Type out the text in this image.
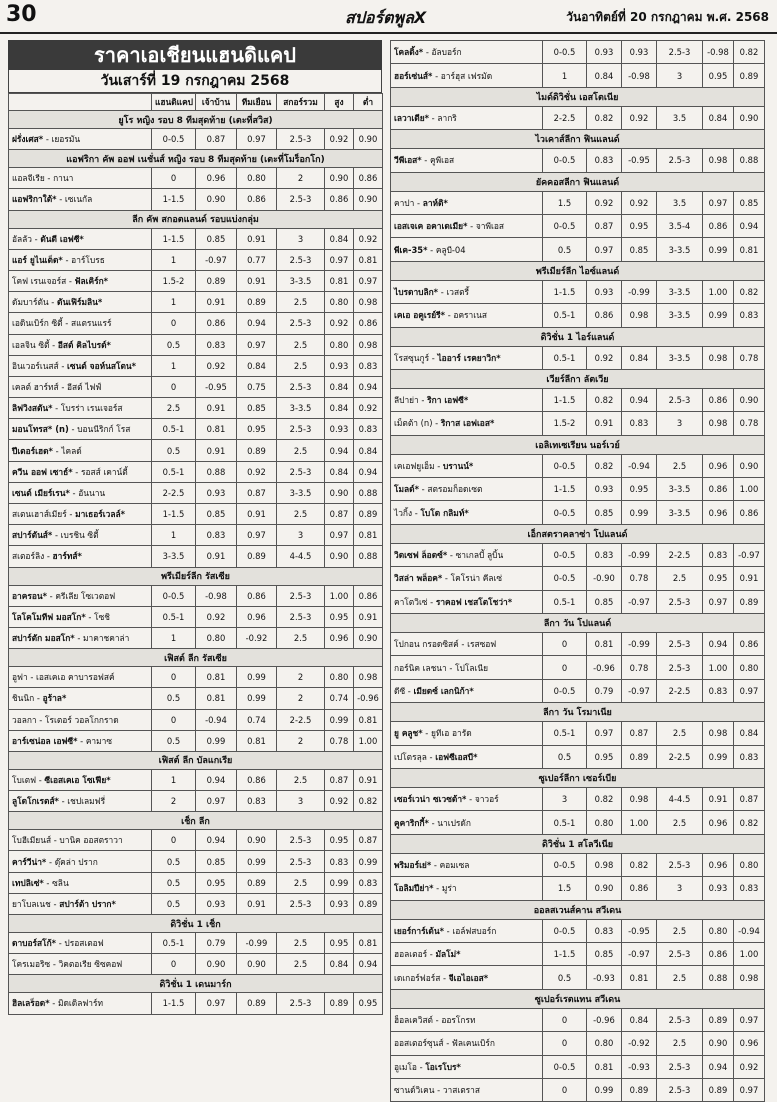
30	สปอร์ตพูลX	วันอาทิตย์ที่ 20 กรกฎาคม พ.ศ. 2568
ราคาเอเชียนแฮนดิแคป
วันเสาร์ที่ 19 กรกฎาคม 2568
	แฮนดิแคป	เจ้าบ้าน	ทีมเยือน	สกอร์รวม	สูง	ต่ำ
ยูโร หญิง รอบ 8 ทีมสุดท้าย (เตะที่สวิส)						
ฝรั่งเศส* - เยอรมัน	0-0.5	0.87	0.97	2.5-3	0.92	0.90
แอฟริกา คัพ ออฟ เนชั่นส์ หญิง รอบ 8 ทีมสุดท้าย (เตะที่โมร็อกโก)						
แอลจีเรีย - กานา	0	0.96	0.80	2	0.90	0.86
แอฟริกาใต้* - เซเนกัล	1-1.5	0.90	0.86	2.5-3	0.86	0.90
ลีก คัพ สกอตแลนด์ รอบแบ่งกลุ่ม						
อัลลัว - ดันดี เอฟซี*	1-1.5	0.85	0.91	3	0.84	0.92
แอร์ ยูไนเต็ด* - อาร์โบรธ	1	-0.97	0.77	2.5-3	0.97	0.81
โคฟ เรนเจอร์ส - ฟัลเคิร์ก*	1.5-2	0.89	0.91	3-3.5	0.81	0.97
ดัมบาร์ตัน - ดันเฟิร์มลิน*	1	0.91	0.89	2.5	0.80	0.98
เอดินเบิร์ก ซิตี้ - สแตรนแรร์	0	0.86	0.94	2.5-3	0.92	0.86
เอลจิน ซิตี้ - อีสต์ คิลไบรด์*	0.5	0.83	0.97	2.5	0.80	0.98
อินเวอร์เนสส์ - เซนต์ จอห์นสโตน*	1	0.92	0.84	2.5	0.93	0.83
เคลต์ ฮาร์ทส์ - อีสต์ ไฟฟ์	0	-0.95	0.75	2.5-3	0.84	0.94
ลิฟวิงสตัน* - โบรร่า เรนเจอร์ส	2.5	0.91	0.85	3-3.5	0.84	0.92
มอนโทรส* (n) - บอนนีริกก์ โรส	0.5-1	0.81	0.95	2.5-3	0.93	0.83
ปีเตอร์เฮด* - ไคลด์	0.5	0.91	0.89	2.5	0.94	0.84
ควีน ออฟ เซาธ์* - รอสส์ เคาน์ตี้	0.5-1	0.88	0.92	2.5-3	0.84	0.94
เซนต์ เมียร์เรน* - อันนาน	2-2.5	0.93	0.87	3-3.5	0.90	0.88
สเตนเฮาส์เมียร์ - มาเธอร์เวลล์*	1-1.5	0.85	0.91	2.5	0.87	0.89
สปาร์ตันส์* - เบรชิน ซิตี้	1	0.83	0.97	3	0.97	0.81
สเตอร์ลิง - ฮาร์ทส์*	3-3.5	0.91	0.89	4-4.5	0.90	0.88
พรีเมียร์ลีก รัสเซีย						
อาครอน* - ครีเลีย โซเวตอฟ	0-0.5	-0.98	0.86	2.5-3	1.00	0.86
โลโคโมทีฟ มอสโก* - โซชิ	0.5-1	0.92	0.96	2.5-3	0.95	0.91
สปาร์ตัก มอสโก* - มาคาชคาล่า	1	0.80	-0.92	2.5	0.96	0.90
เฟิสต์ ลีก รัสเซีย						
อูฟา - เอสเคเอ คาบารอฟสค์	0	0.81	0.99	2	0.80	0.98
ชินนิก - อูร้าล*	0.5	0.81	0.99	2	0.74	-0.96
วอลกา - โรเตอร์ วอลโกกราด	0	-0.94	0.74	2-2.5	0.99	0.81
อาร์เซน่อล เอฟซี* - คามาซ	0.5	0.99	0.81	2	0.78	1.00
เฟิสต์ ลีก บัลแกเรีย						
โบเตฟ - ซีเอสเคเอ โซเฟีย*	1	0.94	0.86	2.5	0.87	0.91
ลูโดโกเรตส์* - เชปเลมฟรี่	2	0.97	0.83	3	0.92	0.82
เช็ก ลีก						
โบฮีเมียนส์ - บานิค ออสตราวา	0	0.94	0.90	2.5-3	0.95	0.87
คาร์วีน่า* - ดุ๊คล่า ปราก	0.5	0.85	0.99	2.5-3	0.83	0.99
เทปลิเซ่* - ซลิน	0.5	0.95	0.89	2.5	0.99	0.83
ยาโบลเนช - สปาร์ต้า ปราก*	0.5	0.93	0.91	2.5-3	0.93	0.89
ดิวิชั่น 1 เช็ก						
ดาบอร์สโก้* - ปรอสเตอฟ	0.5-1	0.79	-0.99	2.5	0.95	0.81
โครเมอริซ - วิคตอเรีย ซิซคอฟ	0	0.90	0.90	2.5	0.84	0.94
ดิวิชั่น 1 เดนมาร์ก						
ฮิลเลร็อด* - มิดเดิลฟาร์ท	1-1.5	0.97	0.89	2.5-3	0.89	0.95
โคลดิ้ง* - อัลบอร์ก	0-0.5	0.93	0.93	2.5-3	-0.98	0.82
ฮอร์เซ่นส์* - อาร์ฮุส เฟรมัด	1	0.84	-0.98	3	0.95	0.89
ไมด์ดิวิชั่น เอสโตเนีย						
เลวาเดีย* - ลากริ	2-2.5	0.82	0.92	3.5	0.84	0.90
ไวเคาส์ลีกา ฟินแลนด์						
วีพีเอส* - คูพีเอส	0-0.5	0.83	-0.95	2.5-3	0.98	0.88
ยัคคอสลีกา ฟินแลนด์						
คาปา - ลาห์ติ*	1.5	0.92	0.92	3.5	0.97	0.85
เอสเจเค อคาเดเมีย* - จาพีเอส	0-0.5	0.87	0.95	3.5-4	0.86	0.94
พีเค-35* - คลูบี-04	0.5	0.97	0.85	3-3.5	0.99	0.81
พรีเมียร์ลีก ไอซ์แลนด์						
ไบรดาบลิก* - เวสตรี้	1-1.5	0.93	-0.99	3-3.5	1.00	0.82
เคเอ อคูเรย์รี* - อคราเนส	0.5-1	0.86	0.98	3-3.5	0.99	0.83
ดิวิชั่น 1 ไอร์แลนด์						
โรสซุนกูร์ - ไออาร์ เรคยาวิก*	0.5-1	0.92	0.84	3-3.5	0.98	0.78
เวียร์ลีกา ลัตเวีย						
ลีปาย่า - ริกา เอฟซี*	1-1.5	0.82	0.94	2.5-3	0.86	0.90
เม็ตต้า (n) - ริกาส เอฟเอส*	1.5-2	0.91	0.83	3	0.98	0.78
เอลิเทเซเรียน นอร์เวย์						
เคเอฟยูเอ็ม - บรานน์*	0-0.5	0.82	-0.94	2.5	0.96	0.90
โมลด์* - สตรอมก็อดเซต	1-1.5	0.93	0.95	3-3.5	0.86	1.00
ไวกิ้ง - โบโด กลิมท์*	0-0.5	0.85	0.99	3-3.5	0.96	0.86
เอ็กสตราคลาซ่า โปแลนด์						
วิดเซฟ ล็อดซ์* - ซาเกลบี้ ลูบิ้น	0-0.5	0.83	-0.99	2-2.5	0.83	-0.97
วิสล่า พล็อค* - โคโรน่า คีลเซ่	0-0.5	-0.90	0.78	2.5	0.95	0.91
คาโตวิเซ่ - ราคอฟ เชสโตโชว่า*	0.5-1	0.85	-0.97	2.5-3	0.97	0.89
ลีกา วัน โปแลนด์						
โปกอน กรอดซิสค์ - เรสซอฟ	0	0.81	-0.99	2.5-3	0.94	0.86
กอร์นิค เลชนา - โปโลเนีย	0	-0.96	0.78	2.5-3	1.00	0.80
ดีซี - เมียดซ์ เลกนิก้า*	0-0.5	0.79	-0.97	2-2.5	0.83	0.97
ลีกา วัน โรมาเนีย						
ยู คลูช* - ยูทีเอ อารัด	0.5-1	0.97	0.87	2.5	0.98	0.84
เปโตรลุล - เอฟซีเอสบี*	0.5	0.95	0.89	2-2.5	0.99	0.83
ซูเปอร์ลีกา เซอร์เบีย						
เซอร์เวน่า ซเวซด้า* - จาวอร์	3	0.82	0.98	4-4.5	0.91	0.87
คูคาริกกี้* - นาเปรดัก	0.5-1	0.80	1.00	2.5	0.96	0.82
ดิวิชั่น 1 สโลวีเนีย						
พริมอร์เย่* - คอมเซล	0-0.5	0.98	0.82	2.5-3	0.96	0.80
โอลิมปีย่า* - มูร่า	1.5	0.90	0.86	3	0.93	0.83
ออลสเวนส์คาน สวีเดน						
เยอร์การ์เด้น* - เอล์ฟสบอร์ก	0-0.5	0.83	-0.95	2.5	0.80	-0.94
ฮอลเตอร์ - มัลโม่*	1-1.5	0.85	-0.97	2.5-3	0.86	1.00
เดเกอร์ฟอร์ส - จีเอไอเอส*	0.5	-0.93	0.81	2.5	0.88	0.98
ซูเปอร์เรตแทน สวีเดน						
ฮ็อลเควิสต์ - ออรโกรท	0	-0.96	0.84	2.5-3	0.89	0.97
ออสเตอร์ซุนส์ - ฟัลเคนเบิร์ก	0	0.80	-0.92	2.5	0.90	0.96
อูเมโอ - โอเรโบร*	0-0.5	0.81	-0.93	2.5-3	0.94	0.92
ซานด์วิเคน - วาสเตราส	0	0.99	0.89	2.5-3	0.89	0.97
